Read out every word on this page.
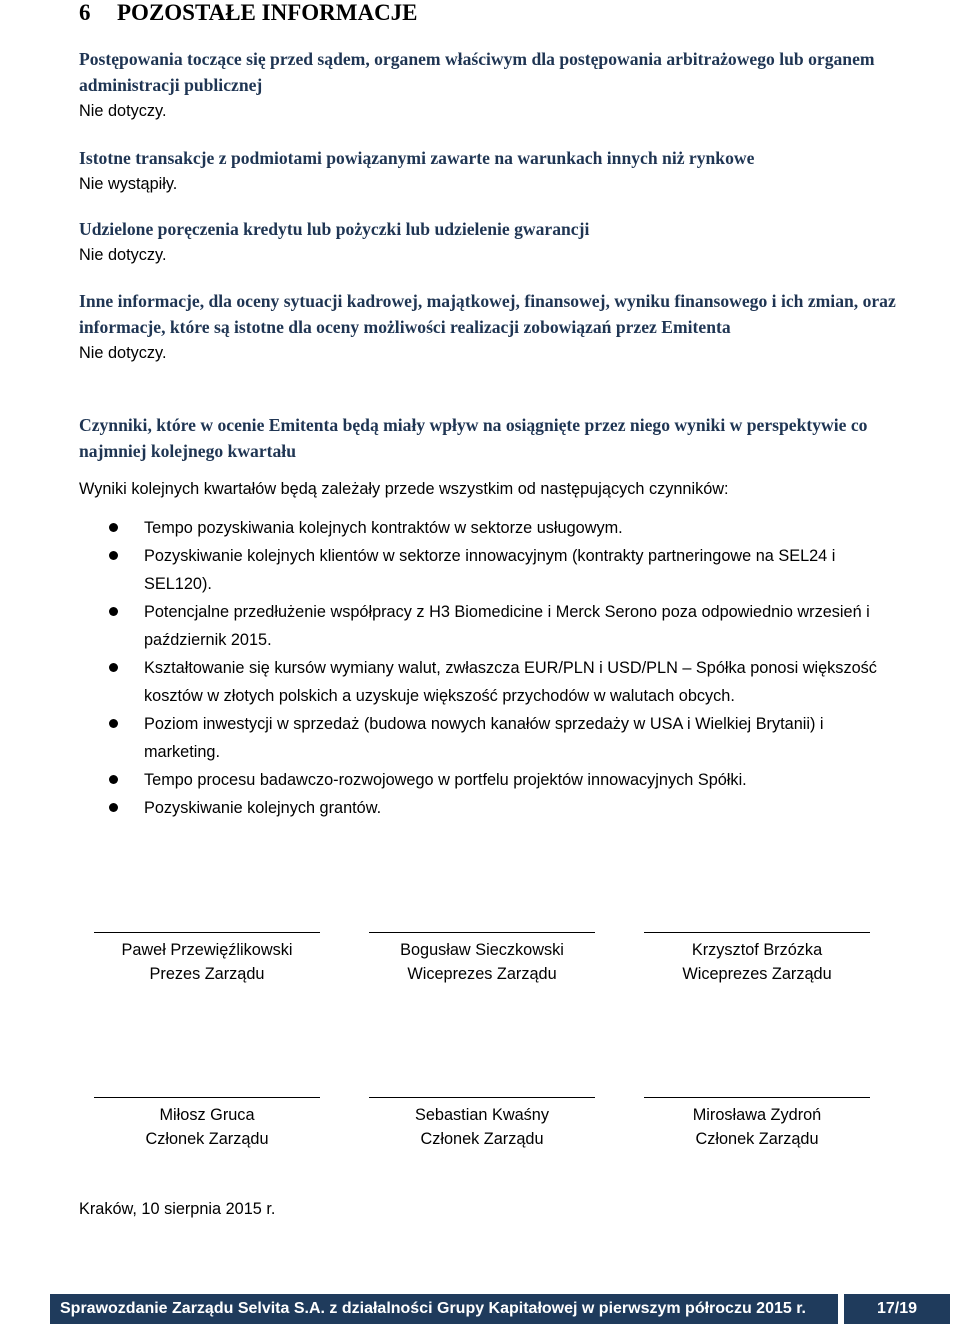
6 POZOSTAŁE INFORMACJE
Postępowania toczące się przed sądem, organem właściwym dla postępowania arbitrażowego lub organem administracji publicznej
Nie dotyczy.
Istotne transakcje z podmiotami powiązanymi zawarte na warunkach innych niż rynkowe
Nie wystąpiły.
Udzielone poręczenia kredytu lub pożyczki lub udzielenie gwarancji
Nie dotyczy.
Inne informacje, dla oceny sytuacji kadrowej, majątkowej, finansowej, wyniku finansowego i ich zmian, oraz informacje, które są istotne dla oceny możliwości realizacji zobowiązań przez Emitenta
Nie dotyczy.
Czynniki, które w ocenie Emitenta będą miały wpływ na osiągnięte przez niego wyniki w perspektywie co najmniej kolejnego kwartału
Wyniki kolejnych kwartałów będą zależały przede wszystkim od następujących czynników:
Tempo pozyskiwania kolejnych kontraktów w sektorze usługowym.
Pozyskiwanie kolejnych klientów w sektorze innowacyjnym (kontrakty partneringowe na SEL24 i SEL120).
Potencjalne przedłużenie współpracy z H3 Biomedicine i Merck Serono poza odpowiednio wrzesień i październik 2015.
Kształtowanie się kursów wymiany walut, zwłaszcza EUR/PLN i USD/PLN – Spółka ponosi większość kosztów w złotych polskich a uzyskuje większość przychodów w walutach obcych.
Poziom inwestycji w sprzedaż (budowa nowych kanałów sprzedaży w USA i Wielkiej Brytanii) i marketing.
Tempo procesu badawczo-rozwojowego w portfelu projektów innowacyjnych Spółki.
Pozyskiwanie kolejnych grantów.
Paweł Przewięźlikowski
Prezes Zarządu
Bogusław Sieczkowski
Wiceprezes Zarządu
Krzysztof Brzózka
Wiceprezes Zarządu
Miłosz Gruca
Członek Zarządu
Sebastian Kwaśny
Członek Zarządu
Mirosława Zydroń
Członek Zarządu
Kraków, 10 sierpnia 2015 r.
Sprawozdanie Zarządu Selvita S.A. z działalności Grupy Kapitałowej w pierwszym półroczu 2015 r.	17/19
